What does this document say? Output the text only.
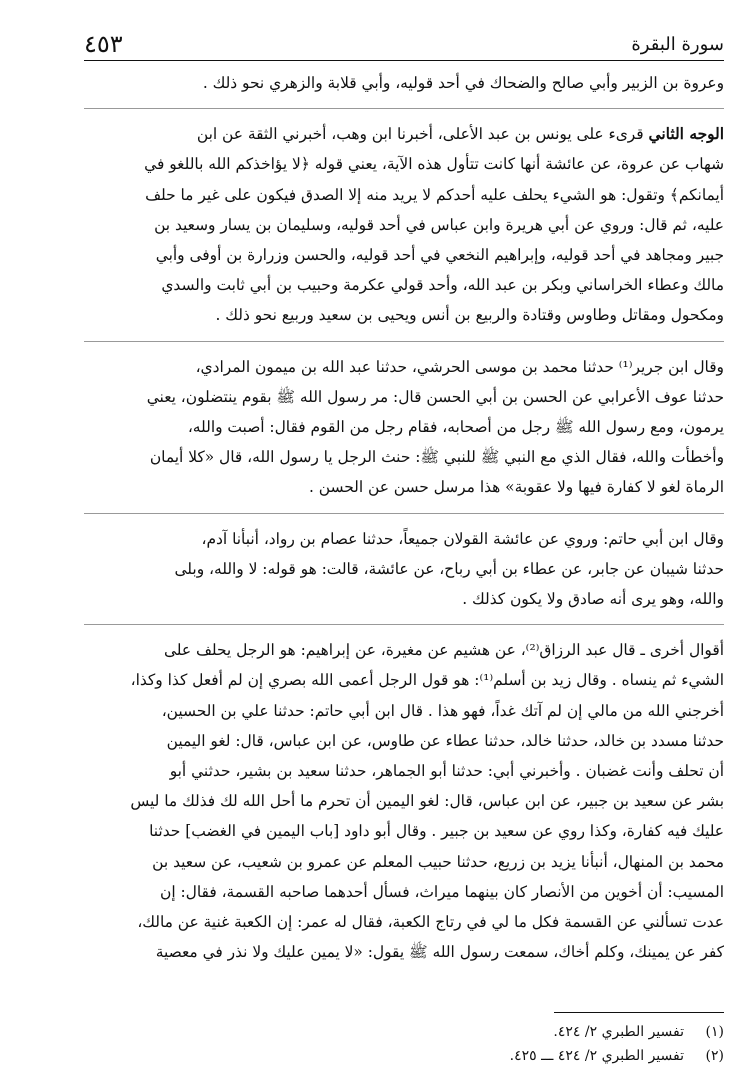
سورة البقرة
٤٥٣

وعروة بن الزبير وأبي صالح والضحاك في أحد قوليه، وأبي قلابة والزهري نحو ذلك .

الوجه الثاني قرىء على يونس بن عبد الأعلى، أخبرنا ابن وهب، أخبرني الثقة عن ابن
شهاب عن عروة، عن عائشة أنها كانت تتأول هذه الآية، يعني قوله ﴿لا يؤاخذكم الله باللغو في
أيمانكم﴾ وتقول: هو الشيء يحلف عليه أحدكم لا يريد منه إلا الصدق فيكون على غير ما حلف
عليه، ثم قال: وروي عن أبي هريرة وابن عباس في أحد قوليه، وسليمان بن يسار وسعيد بن
جبير ومجاهد في أحد قوليه، وإبراهيم النخعي في أحد قوليه، والحسن وزرارة بن أوفى وأبي
مالك وعطاء الخراساني وبكر بن عبد الله، وأحد قولي عكرمة وحبيب بن أبي ثابت والسدي
ومكحول ومقاتل وطاوس وقتادة والربيع بن أنس ويحيى بن سعيد وربيع نحو ذلك .

وقال ابن جرير⁽¹⁾ حدثنا محمد بن موسى الحرشي، حدثنا عبد الله بن ميمون المرادي،
حدثنا عوف الأعرابي عن الحسن بن أبي الحسن قال: مر رسول الله ﷺ بقوم ينتضلون، يعني
يرمون، ومع رسول الله ﷺ رجل من أصحابه، فقام رجل من القوم فقال: أصبت والله،
وأخطأت والله، فقال الذي مع النبي ﷺ للنبي ﷺ: حنث الرجل يا رسول الله، قال «كلا أيمان
الرماة لغو لا كفارة فيها ولا عقوبة» هذا مرسل حسن عن الحسن .

وقال ابن أبي حاتم: وروي عن عائشة القولان جميعاً، حدثنا عصام بن رواد، أنبأنا آدم،
حدثنا شيبان عن جابر، عن عطاء بن أبي رباح، عن عائشة، قالت: هو قوله: لا والله، وبلى
والله، وهو يرى أنه صادق ولا يكون كذلك .

أقوال أخرى ـ قال عبد الرزاق⁽²⁾، عن هشيم عن مغيرة، عن إبراهيم: هو الرجل يحلف على
الشيء ثم ينساه . وقال زيد بن أسلم⁽¹⁾: هو قول الرجل أعمى الله بصري إن لم أفعل كذا وكذا،
أخرجني الله من مالي إن لم آتك غداً، فهو هذا . قال ابن أبي حاتم: حدثنا علي بن الحسين،
حدثنا مسدد بن خالد، حدثنا خالد، حدثنا عطاء عن طاوس، عن ابن عباس، قال: لغو اليمين
أن تحلف وأنت غضبان . وأخبرني أبي: حدثنا أبو الجماهر، حدثنا سعيد بن بشير، حدثني أبو
بشر عن سعيد بن جبير، عن ابن عباس، قال: لغو اليمين أن تحرم ما أحل الله لك فذلك ما ليس
عليك فيه كفارة، وكذا روي عن سعيد بن جبير . وقال أبو داود [باب اليمين في الغضب] حدثنا
محمد بن المنهال، أنبأنا يزيد بن زريع، حدثنا حبيب المعلم عن عمرو بن شعيب، عن سعيد بن
المسيب: أن أخوين من الأنصار كان بينهما ميراث، فسأل أحدهما صاحبه القسمة، فقال: إن
عدت تسألني عن القسمة فكل ما لي في رتاج الكعبة، فقال له عمر: إن الكعبة غنية عن مالك،
كفر عن يمينك، وكلم أخاك، سمعت رسول الله ﷺ يقول: «لا يمين عليك ولا نذر في معصية

(١)
تفسير الطبري ٢/ ٤٢٤.
(٢)
تفسير الطبري ٢/ ٤٢٤ ـــ ٤٢٥.
